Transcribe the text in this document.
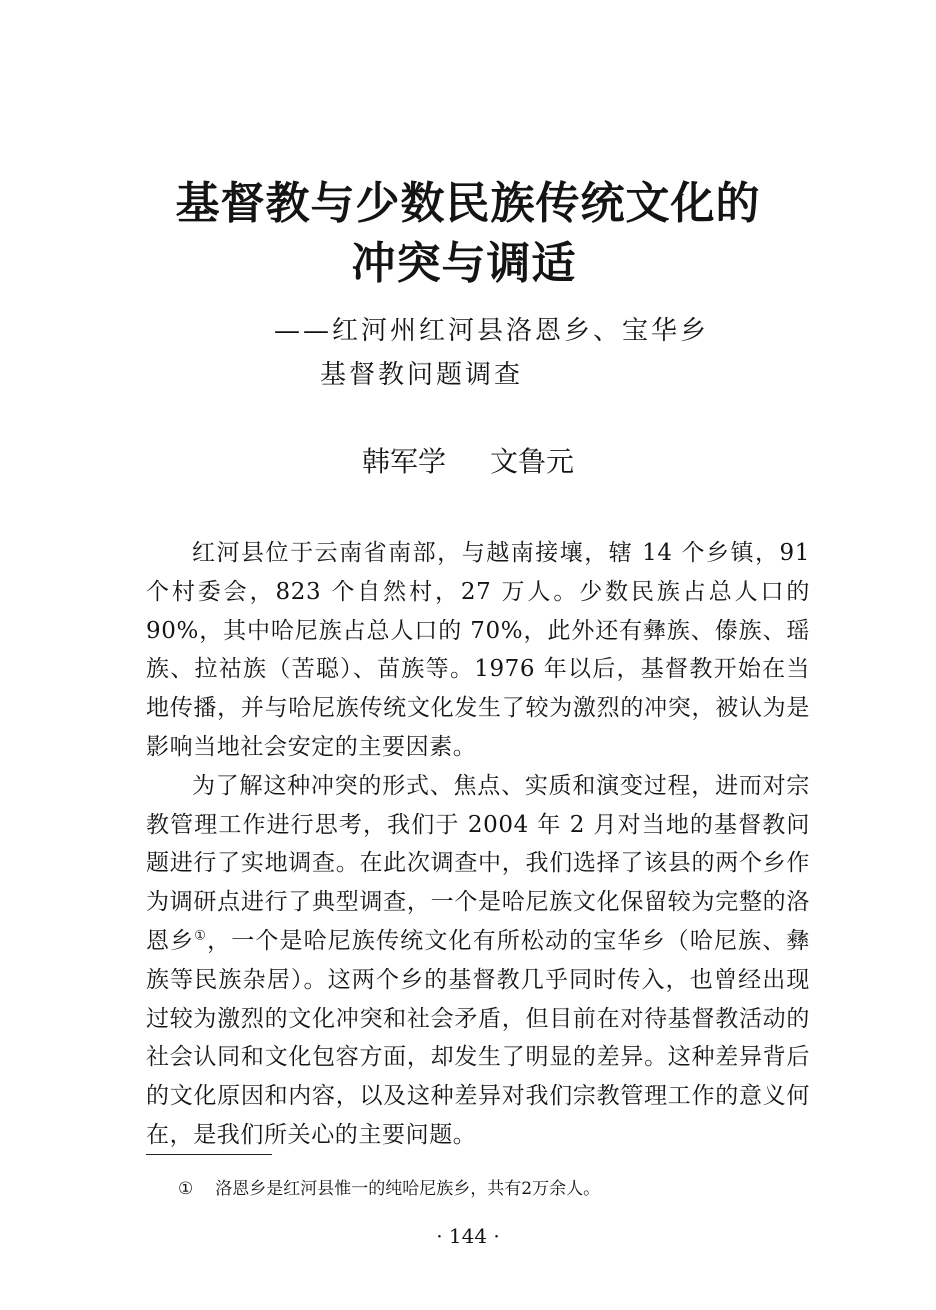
基督教与少数民族传统文化的
冲突与调适
——红河州红河县洛恩乡、宝华乡
基督教问题调查
韩军学 文鲁元

红河县位于云南省南部，与越南接壤，辖 14 个乡镇，91 个村委会，823 个自然村，27 万人。少数民族占总人口的 90%，其中哈尼族占总人口的 70%，此外还有彝族、傣族、瑶族、拉祜族（苦聪）、苗族等。1976 年以后，基督教开始在当地传播，并与哈尼族传统文化发生了较为激烈的冲突，被认为是影响当地社会安定的主要因素。

为了解这种冲突的形式、焦点、实质和演变过程，进而对宗教管理工作进行思考，我们于 2004 年 2 月对当地的基督教问题进行了实地调查。在此次调查中，我们选择了该县的两个乡作为调研点进行了典型调查，一个是哈尼族文化保留较为完整的洛恩乡①，一个是哈尼族传统文化有所松动的宝华乡（哈尼族、彝族等民族杂居）。这两个乡的基督教几乎同时传入，也曾经出现过较为激烈的文化冲突和社会矛盾，但目前在对待基督教活动的社会认同和文化包容方面，却发生了明显的差异。这种差异背后的文化原因和内容，以及这种差异对我们宗教管理工作的意义何在，是我们所关心的主要问题。

① 洛恩乡是红河县惟一的纯哈尼族乡，共有2万余人。
· 144 ·
